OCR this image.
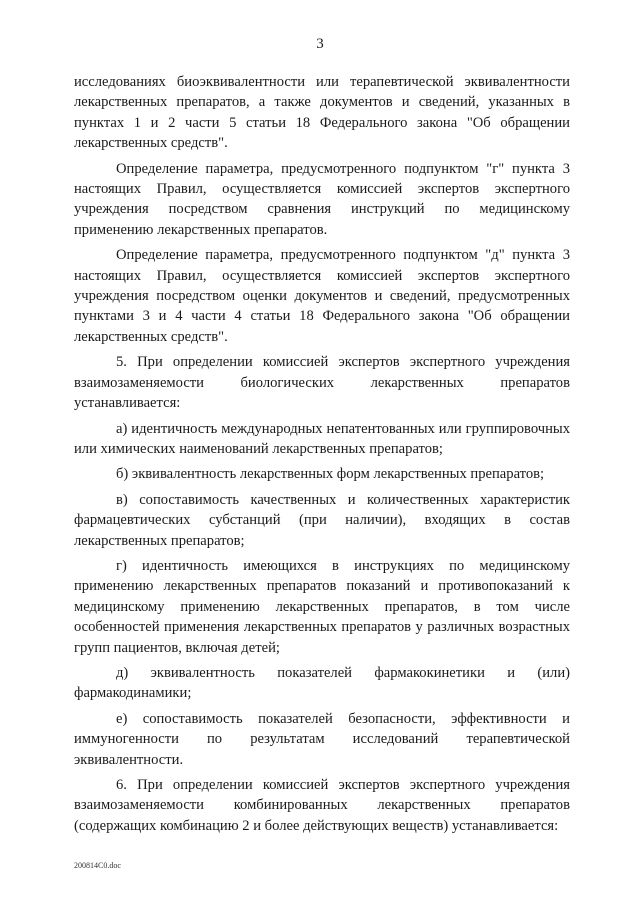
3

исследованиях биоэквивалентности или терапевтической эквивалентности лекарственных препаратов, а также документов и сведений, указанных в пунктах 1 и 2 части 5 статьи 18 Федерального закона "Об обращении лекарственных средств".

Определение параметра, предусмотренного подпунктом "г" пункта 3 настоящих Правил, осуществляется комиссией экспертов экспертного учреждения посредством сравнения инструкций по медицинскому применению лекарственных препаратов.

Определение параметра, предусмотренного подпунктом "д" пункта 3 настоящих Правил, осуществляется комиссией экспертов экспертного учреждения посредством оценки документов и сведений, предусмотренных пунктами 3 и 4 части 4 статьи 18 Федерального закона "Об обращении лекарственных средств".

5. При определении комиссией экспертов экспертного учреждения взаимозаменяемости биологических лекарственных препаратов устанавливается:

а) идентичность международных непатентованных или группировочных или химических наименований лекарственных препаратов;

б) эквивалентность лекарственных форм лекарственных препаратов;

в) сопоставимость качественных и количественных характеристик фармацевтических субстанций (при наличии), входящих в состав лекарственных препаратов;

г) идентичность имеющихся в инструкциях по медицинскому применению лекарственных препаратов показаний и противопоказаний к медицинскому применению лекарственных препаратов, в том числе особенностей применения лекарственных препаратов у различных возрастных групп пациентов, включая детей;

д) эквивалентность показателей фармакокинетики и (или) фармакодинамики;

е) сопоставимость показателей безопасности, эффективности и иммуногенности по результатам исследований терапевтической эквивалентности.

6. При определении комиссией экспертов экспертного учреждения взаимозаменяемости комбинированных лекарственных препаратов (содержащих комбинацию 2 и более действующих веществ) устанавливается:

200814C0.doc
